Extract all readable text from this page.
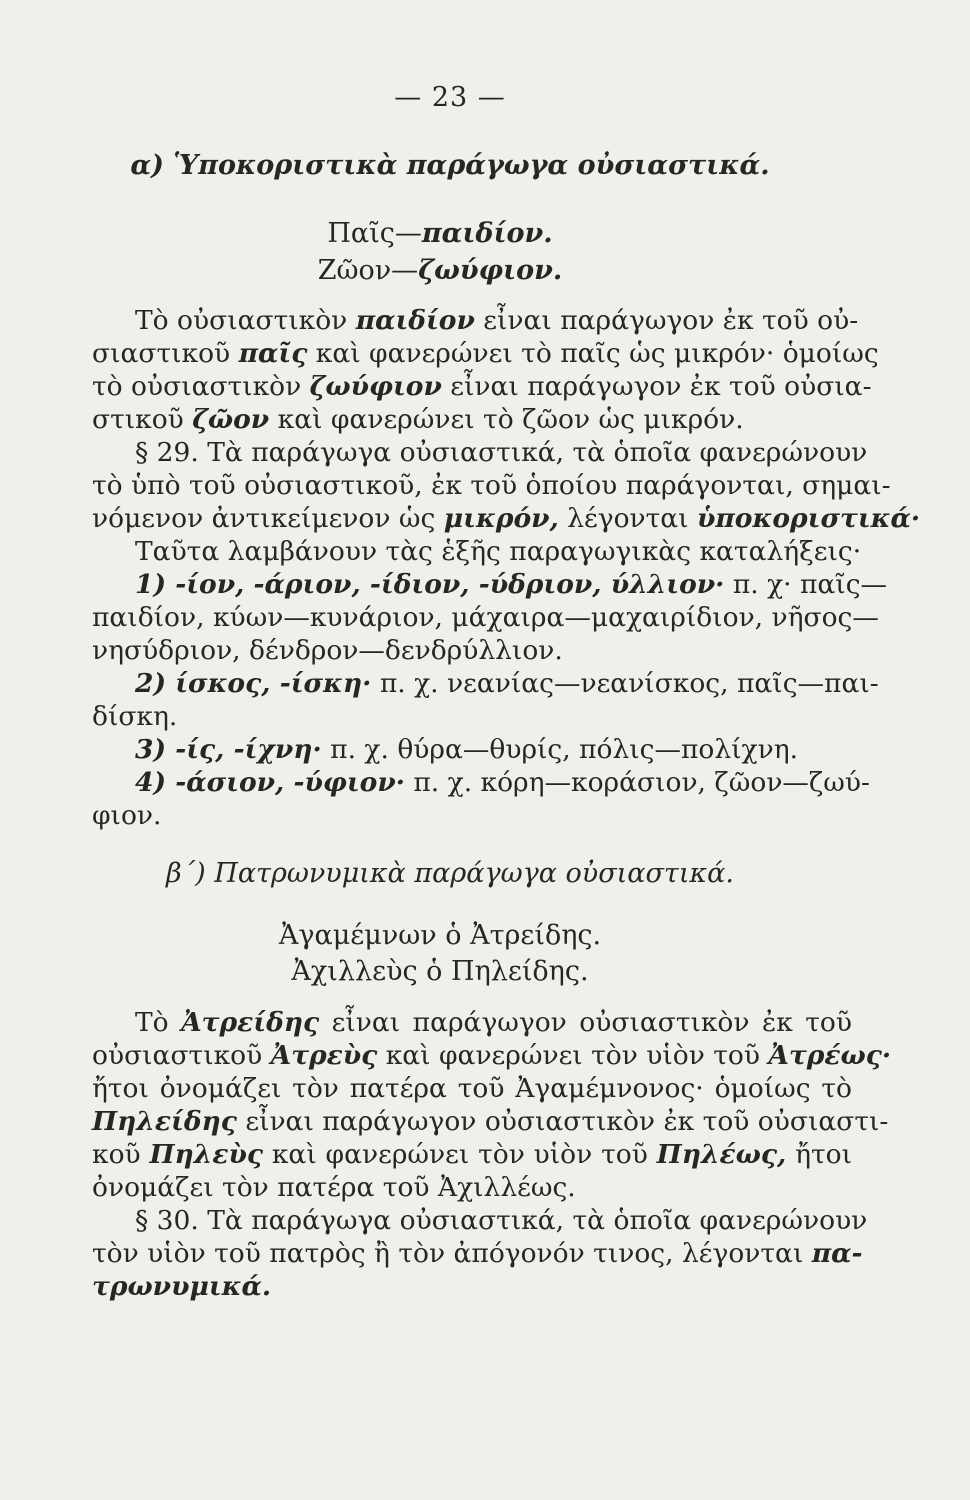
— 23 —
α) Ὑποκοριστικὰ παράγωγα οὐσιαστικά.
Παῖς—παιδίον.
Ζῶον—ζωύφιον.
Τὸ οὐσιαστικὸν παιδίον εἶναι παράγωγον ἐκ τοῦ οὐ-
σιαστικοῦ παῖς καὶ φανερώνει τὸ παῖς ὡς μικρόν· ὁμοίως
τὸ οὐσιαστικὸν ζωύφιον εἶναι παράγωγον ἐκ τοῦ οὐσια-
στικοῦ ζῶον καὶ φανερώνει τὸ ζῶον ὡς μικρόν.
§ 29. Τὰ παράγωγα οὐσιαστικά, τὰ ὁποῖα φανερώνουν
τὸ ὑπὸ τοῦ οὐσιαστικοῦ, ἐκ τοῦ ὁποίου παράγονται, σημαι-
νόμενον ἀντικείμενον ὡς μικρόν, λέγονται ὑποκοριστικά·
Ταῦτα λαμβάνουν τὰς ἑξῆς παραγωγικὰς καταλήξεις·
1) -ίον, -άριον, -ίδιον, -ύδριον, ύλλιον· π. χ· παῖς—
παιδίον, κύων—κυνάριον, μάχαιρα—μαχαιρίδιον, νῆσος—
νησύδριον, δένδρον—δενδρύλλιον.
2) ίσκος, -ίσκη· π. χ. νεανίας—νεανίσκος, παῖς—παι-
δίσκη.
3) -ίς, -ίχνη· π. χ. θύρα—θυρίς, πόλις—πολίχνη.
4) -άσιον, -ύφιον· π. χ. κόρη—κοράσιον, ζῶον—ζωύ-
φιον.
β΄) Πατρωνυμικὰ παράγωγα οὐσιαστικά.
Ἀγαμέμνων ὁ Ἀτρείδης.
Ἀχιλλεὺς ὁ Πηλείδης.
Τὸ Ἀτρείδης εἶναι παράγωγον οὐσιαστικὸν ἐκ τοῦ
οὐσιαστικοῦ Ἀτρεὺς καὶ φανερώνει τὸν υἱὸν τοῦ Ἀτρέως·
ἤτοι ὀνομάζει τὸν πατέρα τοῦ Ἀγαμέμνονος· ὁμοίως τὸ
Πηλείδης εἶναι παράγωγον οὐσιαστικὸν ἐκ τοῦ οὐσιαστι-
κοῦ Πηλεὺς καὶ φανερώνει τὸν υἱὸν τοῦ Πηλέως, ἤτοι
ὀνομάζει τὸν πατέρα τοῦ Ἀχιλλέως.
§ 30. Τὰ παράγωγα οὐσιαστικά, τὰ ὁποῖα φανερώνουν
τὸν υἱὸν τοῦ πατρὸς ἢ τὸν ἀπόγονόν τινος, λέγονται πα-
τρωνυμικά.
